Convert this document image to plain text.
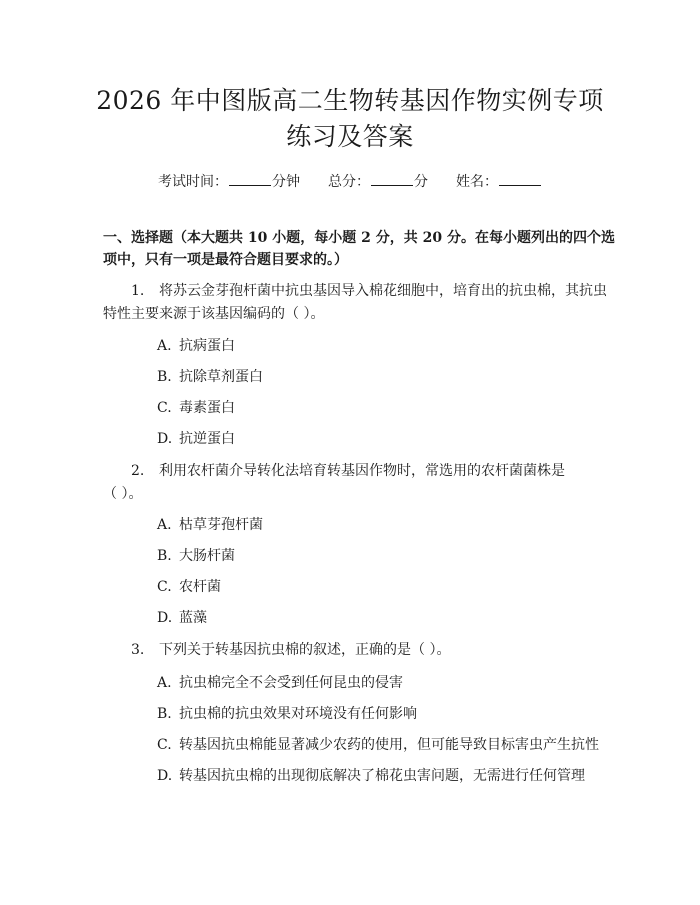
2026 年中图版高二生物转基因作物实例专项
练习及答案
考试时间：	分钟 总分：	分 姓名：
一、选择题（本大题共 10 小题，每小题 2 分，共 20 分。在每小题列出的四个选
项中，只有一项是最符合题目要求的。）
1. 将苏云金芽孢杆菌中抗虫基因导入棉花细胞中，培育出的抗虫棉，其抗虫
特性主要来源于该基因编码的（ ）。
A. 抗病蛋白
B. 抗除草剂蛋白
C. 毒素蛋白
D. 抗逆蛋白
2. 利用农杆菌介导转化法培育转基因作物时，常选用的农杆菌菌株是
（ ）。
A. 枯草芽孢杆菌
B. 大肠杆菌
C. 农杆菌
D. 蓝藻
3. 下列关于转基因抗虫棉的叙述，正确的是（ ）。
A. 抗虫棉完全不会受到任何昆虫的侵害
B. 抗虫棉的抗虫效果对环境没有任何影响
C. 转基因抗虫棉能显著减少农药的使用，但可能导致目标害虫产生抗性
D. 转基因抗虫棉的出现彻底解决了棉花虫害问题，无需进行任何管理
